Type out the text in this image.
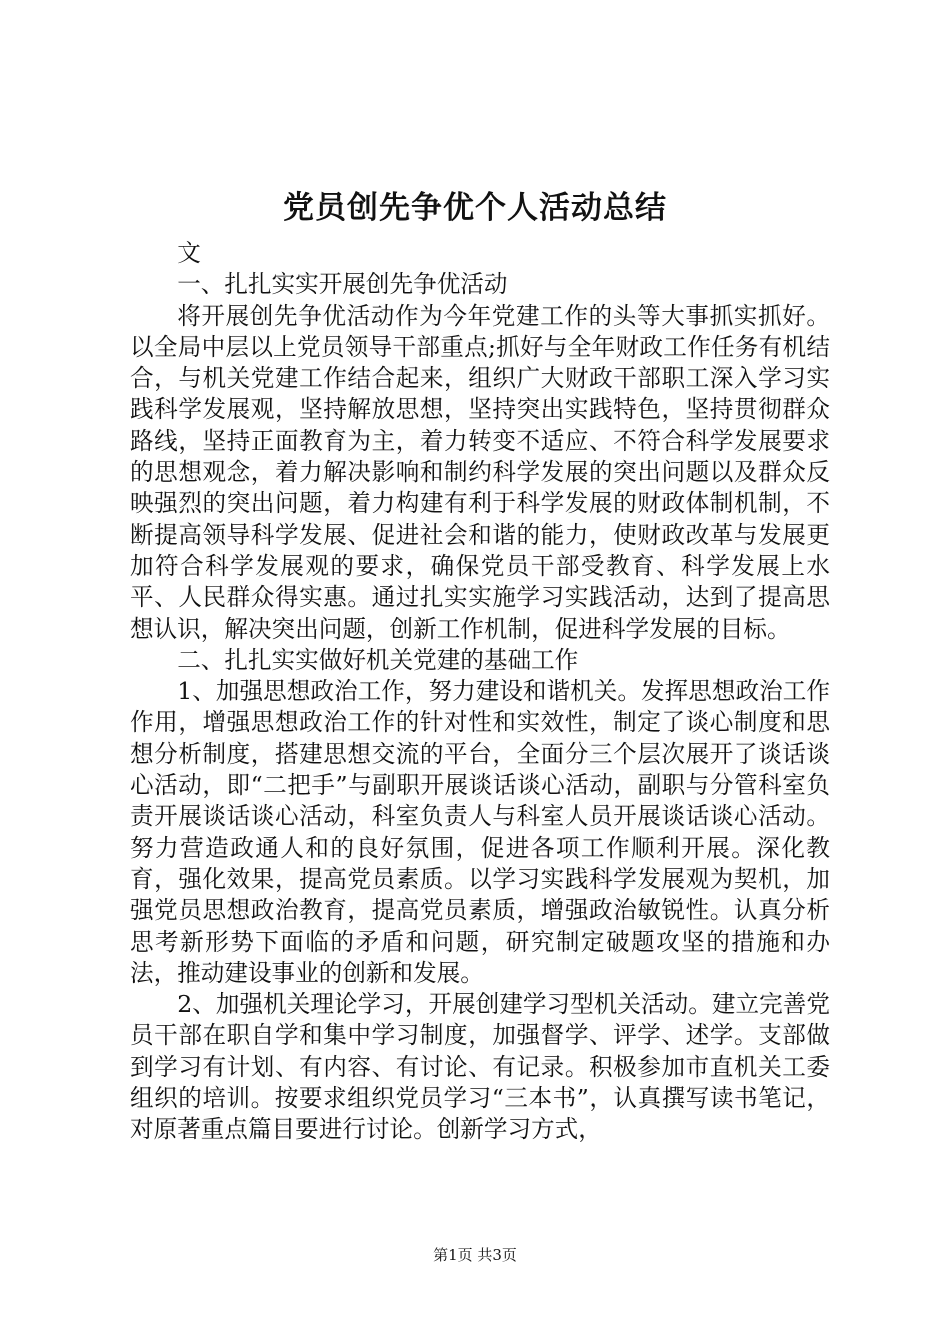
党员创先争优个人活动总结

文

一、扎扎实实开展创先争优活动

将开展创先争优活动作为今年党建工作的头等大事抓实抓好。以全局中层以上党员领导干部重点;抓好与全年财政工作任务有机结合，与机关党建工作结合起来，组织广大财政干部职工深入学习实践科学发展观，坚持解放思想，坚持突出实践特色，坚持贯彻群众路线，坚持正面教育为主，着力转变不适应、不符合科学发展要求的思想观念，着力解决影响和制约科学发展的突出问题以及群众反映强烈的突出问题，着力构建有利于科学发展的财政体制机制，不断提高领导科学发展、促进社会和谐的能力，使财政改革与发展更加符合科学发展观的要求，确保党员干部受教育、科学发展上水平、人民群众得实惠。通过扎实实施学习实践活动，达到了提高思想认识，解决突出问题，创新工作机制，促进科学发展的目标。

二、扎扎实实做好机关党建的基础工作

1、加强思想政治工作，努力建设和谐机关。发挥思想政治工作作用，增强思想政治工作的针对性和实效性，制定了谈心制度和思想分析制度，搭建思想交流的平台，全面分三个层次展开了谈话谈心活动，即“二把手”与副职开展谈话谈心活动，副职与分管科室负责开展谈话谈心活动，科室负责人与科室人员开展谈话谈心活动。努力营造政通人和的良好氛围，促进各项工作顺利开展。深化教育，强化效果，提高党员素质。以学习实践科学发展观为契机，加强党员思想政治教育，提高党员素质，增强政治敏锐性。认真分析思考新形势下面临的矛盾和问题，研究制定破题攻坚的措施和办法，推动建设事业的创新和发展。

2、加强机关理论学习，开展创建学习型机关活动。建立完善党员干部在职自学和集中学习制度，加强督学、评学、述学。支部做到学习有计划、有内容、有讨论、有记录。积极参加市直机关工委组织的培训。按要求组织党员学习“三本书”，认真撰写读书笔记，对原著重点篇目要进行讨论。创新学习方式，

第1页 共3页
